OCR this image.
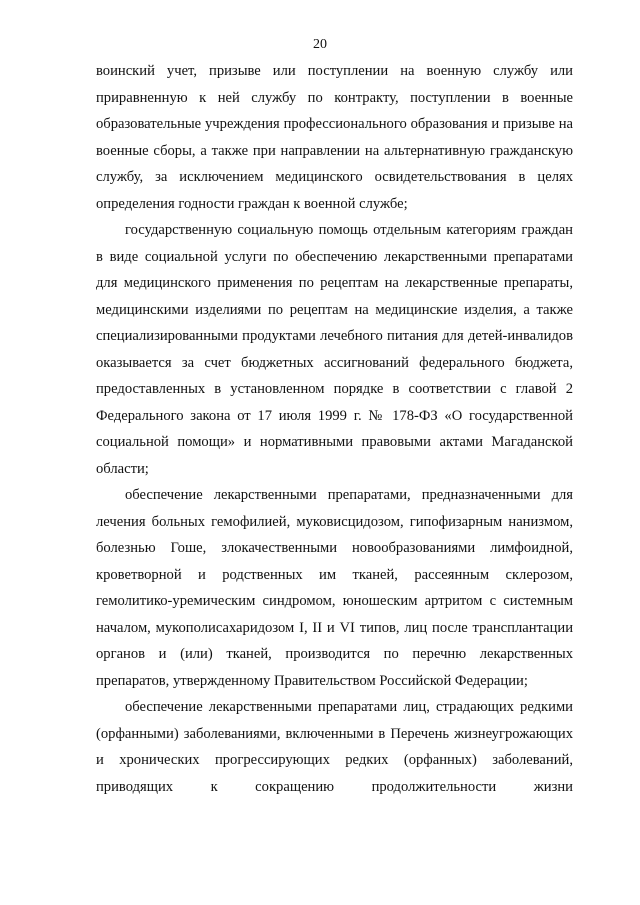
20

воинский учет, призыве или поступлении на военную службу или приравненную к ней службу по контракту, поступлении в военные образовательные учреждения профессионального образования и призыве на военные сборы, а также при направлении на альтернативную гражданскую службу, за исключением медицинского освидетельствования в целях определения годности граждан к военной службе;

государственную социальную помощь отдельным категориям граждан в виде социальной услуги по обеспечению лекарственными препаратами для медицинского применения по рецептам на лекарственные препараты, медицинскими изделиями по рецептам на медицинские изделия, а также специализированными продуктами лечебного питания для детей-инвалидов оказывается за счет бюджетных ассигнований федерального бюджета, предоставленных в установленном порядке в соответствии с главой 2 Федерального закона от 17 июля 1999 г. № 178-ФЗ «О государственной социальной помощи» и нормативными правовыми актами Магаданской области;

обеспечение лекарственными препаратами, предназначенными для лечения больных гемофилией, муковисцидозом, гипофизарным нанизмом, болезнью Гоше, злокачественными новообразованиями лимфоидной, кроветворной и родственных им тканей, рассеянным склерозом, гемолитико-уремическим синдромом, юношеским артритом с системным началом, мукополисахаридозом I, II и VI типов, лиц после трансплантации органов и (или) тканей, производится по перечню лекарственных препаратов, утвержденному Правительством Российской Федерации;

обеспечение лекарственными препаратами лиц, страдающих редкими (орфанными) заболеваниями, включенными в Перечень жизнеугрожающих и хронических прогрессирующих редких (орфанных) заболеваний, приводящих к сокращению продолжительности жизни
